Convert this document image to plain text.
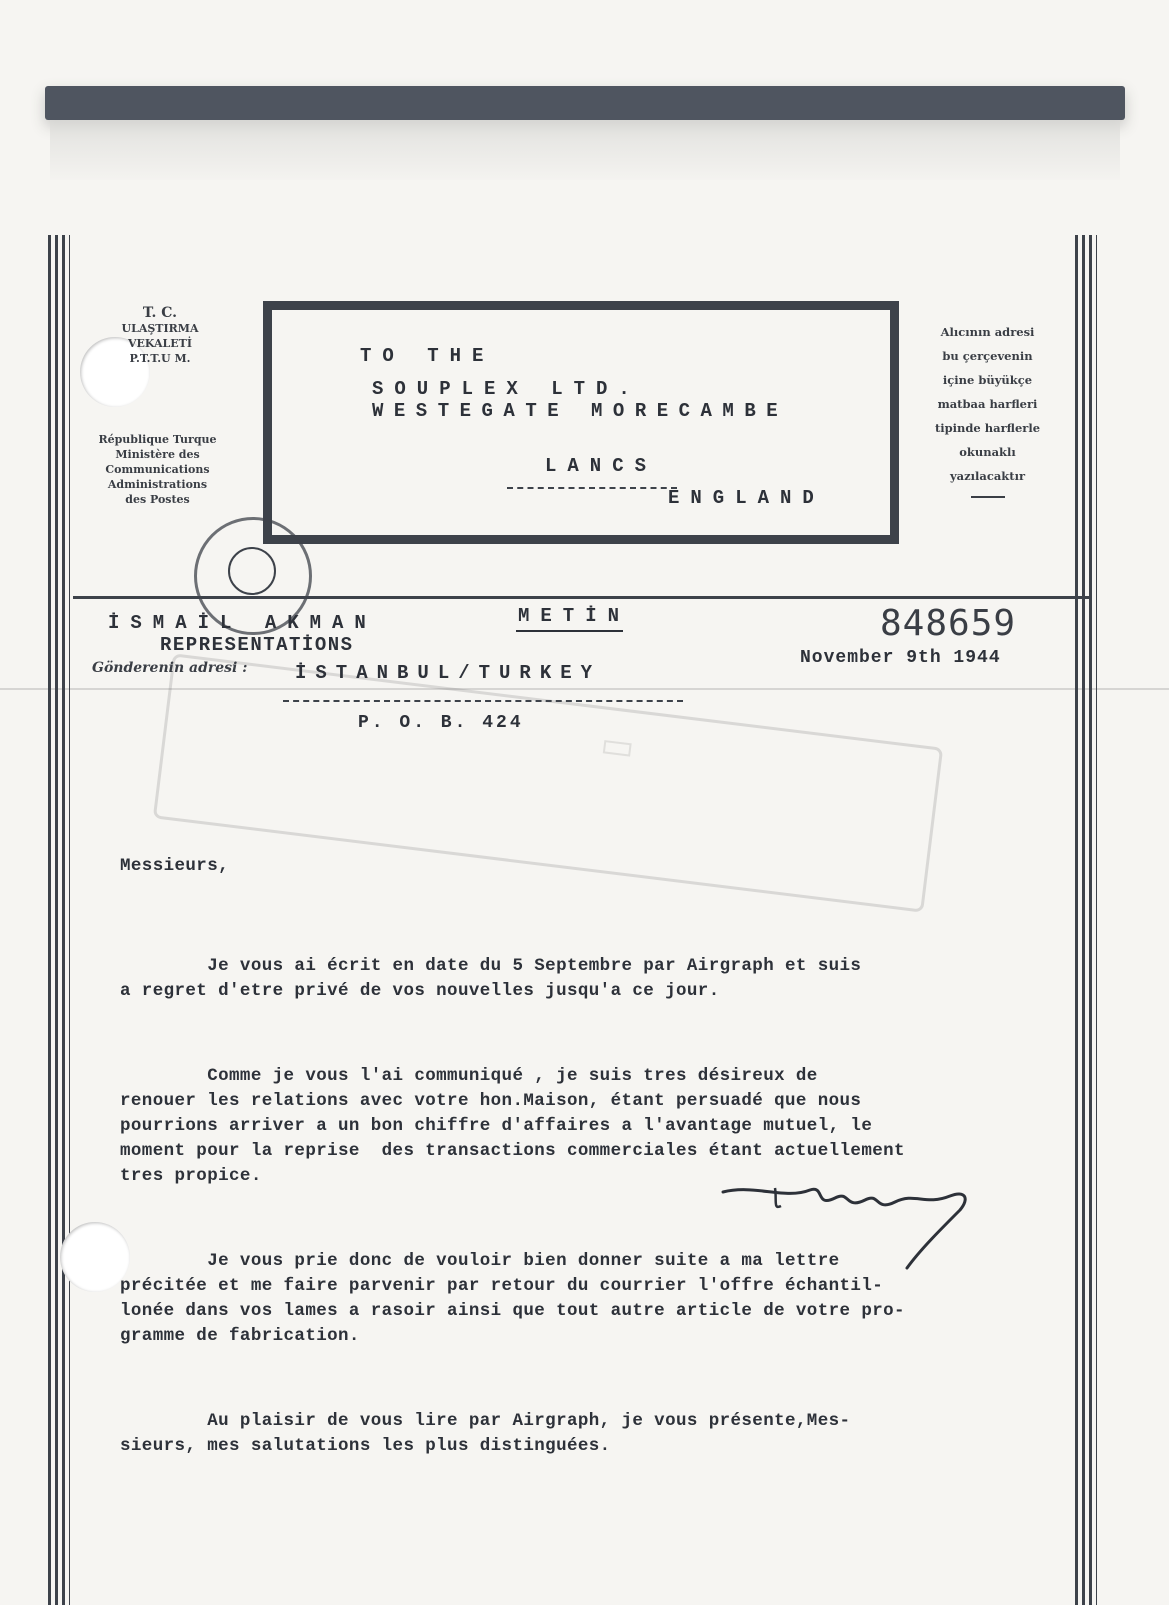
T. C.
ULAŞTIRMA
VEKALETİ
P.T.T.U M.
République Turque
Ministère des
Communications
Administrations
des Postes
TO THE
SOUPLEX LTD.
WESTEGATE MORECAMBE
LANCS
ENGLAND
Alıcının adresi
bu çerçevenin
içine büyükçe
matbaa harfleri
tipinde harflerle
okunaklı
yazılacaktır
▭
İSMAİL AKMAN	METİN
REPRESENTATİONS
Gönderenin adresi :	İSTANBUL/TURKEY
P. O. B. 424
848659
November 9th 1944

Messieurs,

Je vous ai écrit en date du 5 Septembre par Airgraph et suis
a regret d'etre privé de vos nouvelles jusqu'a ce jour.

Comme je vous l'ai communiqué , je suis tres désireux de
renouer les relations avec votre hon.Maison, étant persuadé que nous
pourrions arriver a un bon chiffre d'affaires a l'avantage mutuel, le
moment pour la reprise  des transactions commerciales étant actuellement
tres propice.

Je vous prie donc de vouloir bien donner suite a ma lettre
précitée et me faire parvenir par retour du courrier l'offre échantil-
lonée dans vos lames a rasoir ainsi que tout autre article de votre pro-
gramme de fabrication.

Au plaisir de vous lire par Airgraph, je vous présente,Mes-
sieurs, mes salutations les plus distinguées.
